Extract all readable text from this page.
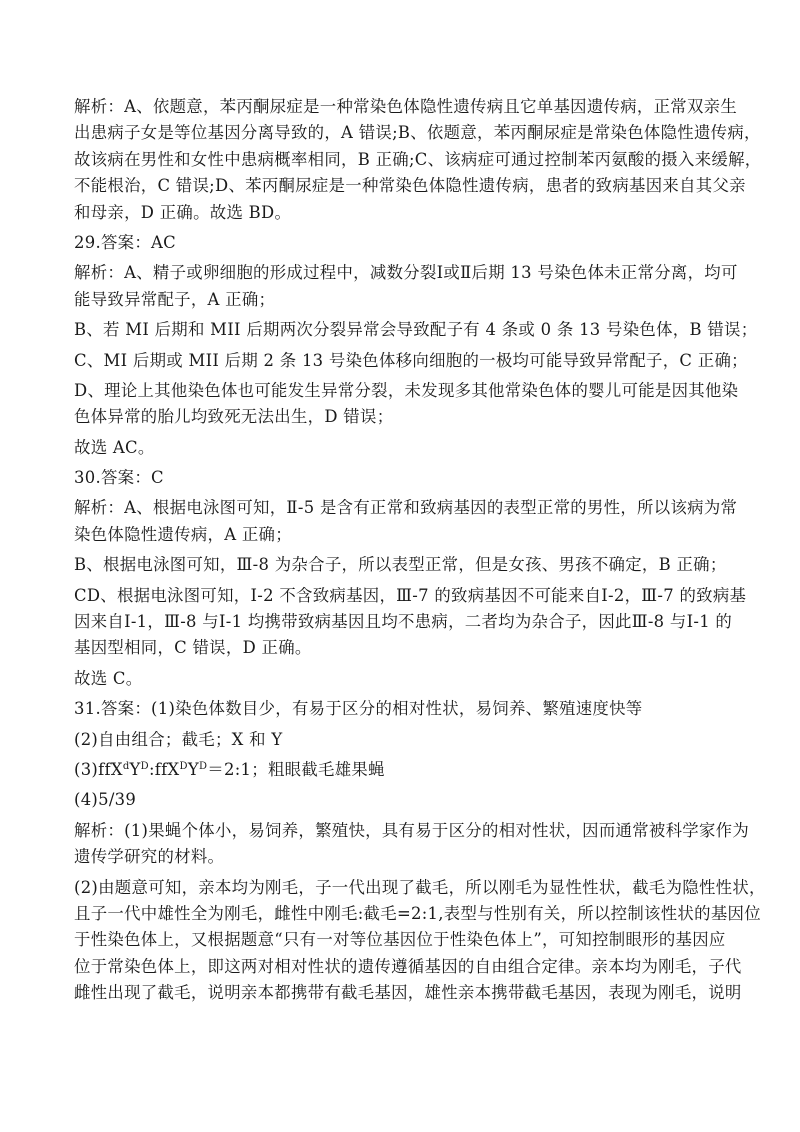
解析：A、依题意，苯丙酮尿症是一种常染色体隐性遗传病且它单基因遗传病，正常双亲生
出患病子女是等位基因分离导致的，A 错误;B、依题意，苯丙酮尿症是常染色体隐性遗传病，
故该病在男性和女性中患病概率相同，B 正确;C、该病症可通过控制苯丙氨酸的摄入来缓解，
不能根治，C 错误;D、苯丙酮尿症是一种常染色体隐性遗传病，患者的致病基因来自其父亲
和母亲，D 正确。故选 BD。
29.答案：AC
解析：A、精子或卵细胞的形成过程中，减数分裂Ⅰ或Ⅱ后期 13 号染色体未正常分离，均可
能导致异常配子，A 正确；
B、若 MI 后期和 MII 后期两次分裂异常会导致配子有 4 条或 0 条 13 号染色体，B 错误；
C、MI 后期或 MII 后期 2 条 13 号染色体移向细胞的一极均可能导致异常配子，C 正确；
D、理论上其他染色体也可能发生异常分裂，未发现多其他常染色体的婴儿可能是因其他染
色体异常的胎儿均致死无法出生，D 错误；
故选 AC。
30.答案：C
解析：A、根据电泳图可知，Ⅱ-5 是含有正常和致病基因的表型正常的男性，所以该病为常
染色体隐性遗传病，A 正确；
B、根据电泳图可知，Ⅲ-8 为杂合子，所以表型正常，但是女孩、男孩不确定，B 正确；
CD、根据电泳图可知，Ⅰ-2 不含致病基因，Ⅲ-7 的致病基因不可能来自Ⅰ-2，Ⅲ-7 的致病基
因来自Ⅰ-1，Ⅲ-8 与Ⅰ-1 均携带致病基因且均不患病，二者均为杂合子，因此Ⅲ-8 与Ⅰ-1 的
基因型相同，C 错误，D 正确。
故选 C。
31.答案：(1)染色体数目少，有易于区分的相对性状，易饲养、繁殖速度快等
(2)自由组合；截毛；X 和 Y
$(3)ffX^dY^D:ffX^DY^D=2:1$；粗眼截毛雄果蝇
(4)5/39
解析：(1)果蝇个体小，易饲养，繁殖快，具有易于区分的相对性状，因而通常被科学家作为
遗传学研究的材料。
(2)由题意可知，亲本均为刚毛，子一代出现了截毛，所以刚毛为显性性状，截毛为隐性性状，
且子一代中雄性全为刚毛，雌性中刚毛:截毛=2:1,表型与性别有关，所以控制该性状的基因位
于性染色体上，又根据题意“只有一对等位基因位于性染色体上”，可知控制眼形的基因应
位于常染色体上，即这两对相对性状的遗传遵循基因的自由组合定律。亲本均为刚毛，子代
雌性出现了截毛，说明亲本都携带有截毛基因，雄性亲本携带截毛基因，表现为刚毛，说明
